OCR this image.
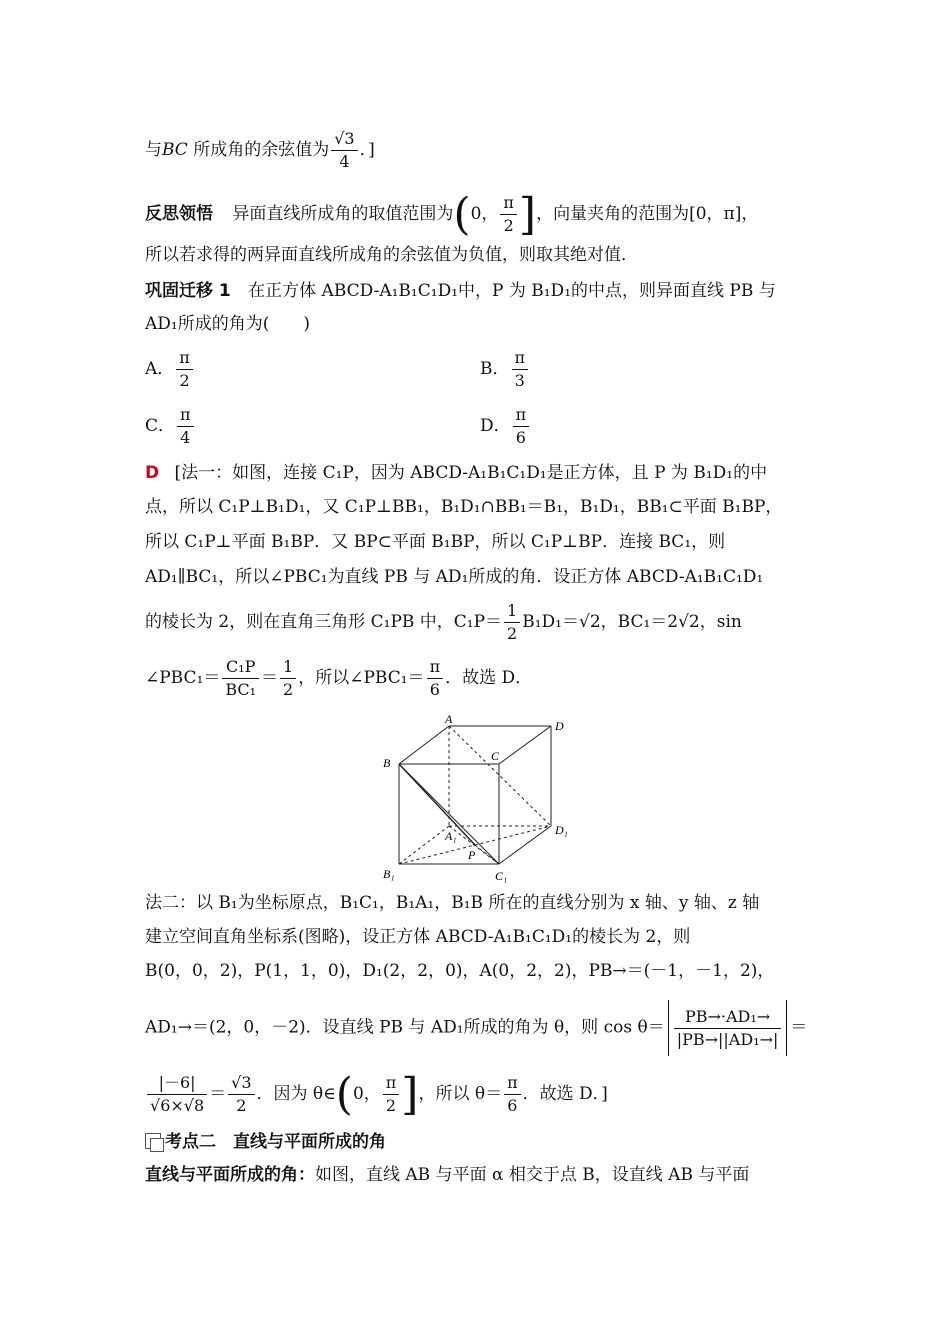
与BC 所成角的余弦值为 $\frac{√3}{4}$ ．]
反思领悟 异面直线所成角的取值范围为(0， $\frac{\pi}{2}$ ]，向量夹角的范围为[0，π]，
所以若求得的两异面直线所成角的余弦值为负值，则取其绝对值．
巩固迁移 1 在正方体 ABCD-A₁B₁C₁D₁中，P 为 B₁D₁的中点，则异面直线 PB 与
AD₁所成的角为(　　)
A． $\frac{\pi}{2}$	B． $\frac{\pi}{3}$
C． $\frac{\pi}{4}$	D． $\frac{\pi}{6}$
D [法一：如图，连接 C₁P，因为 ABCD-A₁B₁C₁D₁是正方体，且 P 为 B₁D₁的中
点，所以 C₁P⊥B₁D₁，又 C₁P⊥BB₁，B₁D₁∩BB₁＝B₁，B₁D₁，BB₁⊂平面 B₁BP，
所以 C₁P⊥平面 B₁BP．又 BP⊂平面 B₁BP，所以 C₁P⊥BP．连接 BC₁，则
AD₁∥BC₁，所以∠PBC₁为直线 PB 与 AD₁所成的角．设正方体 ABCD-A₁B₁C₁D₁
的棱长为 2，则在直角三角形 C₁PB 中，$C_1P= \frac{1}{2} B_1D_1=√2$，BC₁＝2√2，sin
∠PBC₁＝ $\frac{\text{C₁P}}{\text{BC₁}} = \frac{1}{2}$ ，所以∠PBC₁＝ $\frac{\pi}{6}$ ．故选 D．
A
B	C
D
A₁
B₁	C₁
D₁
P
法二：以 B₁为坐标原点，B₁C₁，B₁A₁，B₁B 所在的直线分别为 x 轴、y 轴、z 轴
建立空间直角坐标系(图略)，设正方体 ABCD-A₁B₁C₁D₁的棱长为 2，则
B(0，0，2)，P(1，1，0)，D₁(2，2，0)，A(0，2，2)，PB→＝(－1，－1，2)，
AD₁→＝(2，0，－2)．设直线 PB 与 AD₁所成的角为 θ，则 $\cos \theta= \frac{\text{PB→·AD₁→}}{\text{|PB→||AD₁→|}}$ ＝
$\frac{|-6|}{√6\times√8} = \frac{√3}{2}$ ．因为 θ∈(0， $\frac{\pi}{2}$ ]，所以 $\theta= \frac{\pi}{6}$ ．故选 D．]
考点二　直线与平面所成的角
直线与平面所成的角：如图，直线 AB 与平面 α 相交于点 B，设直线 AB 与平面
